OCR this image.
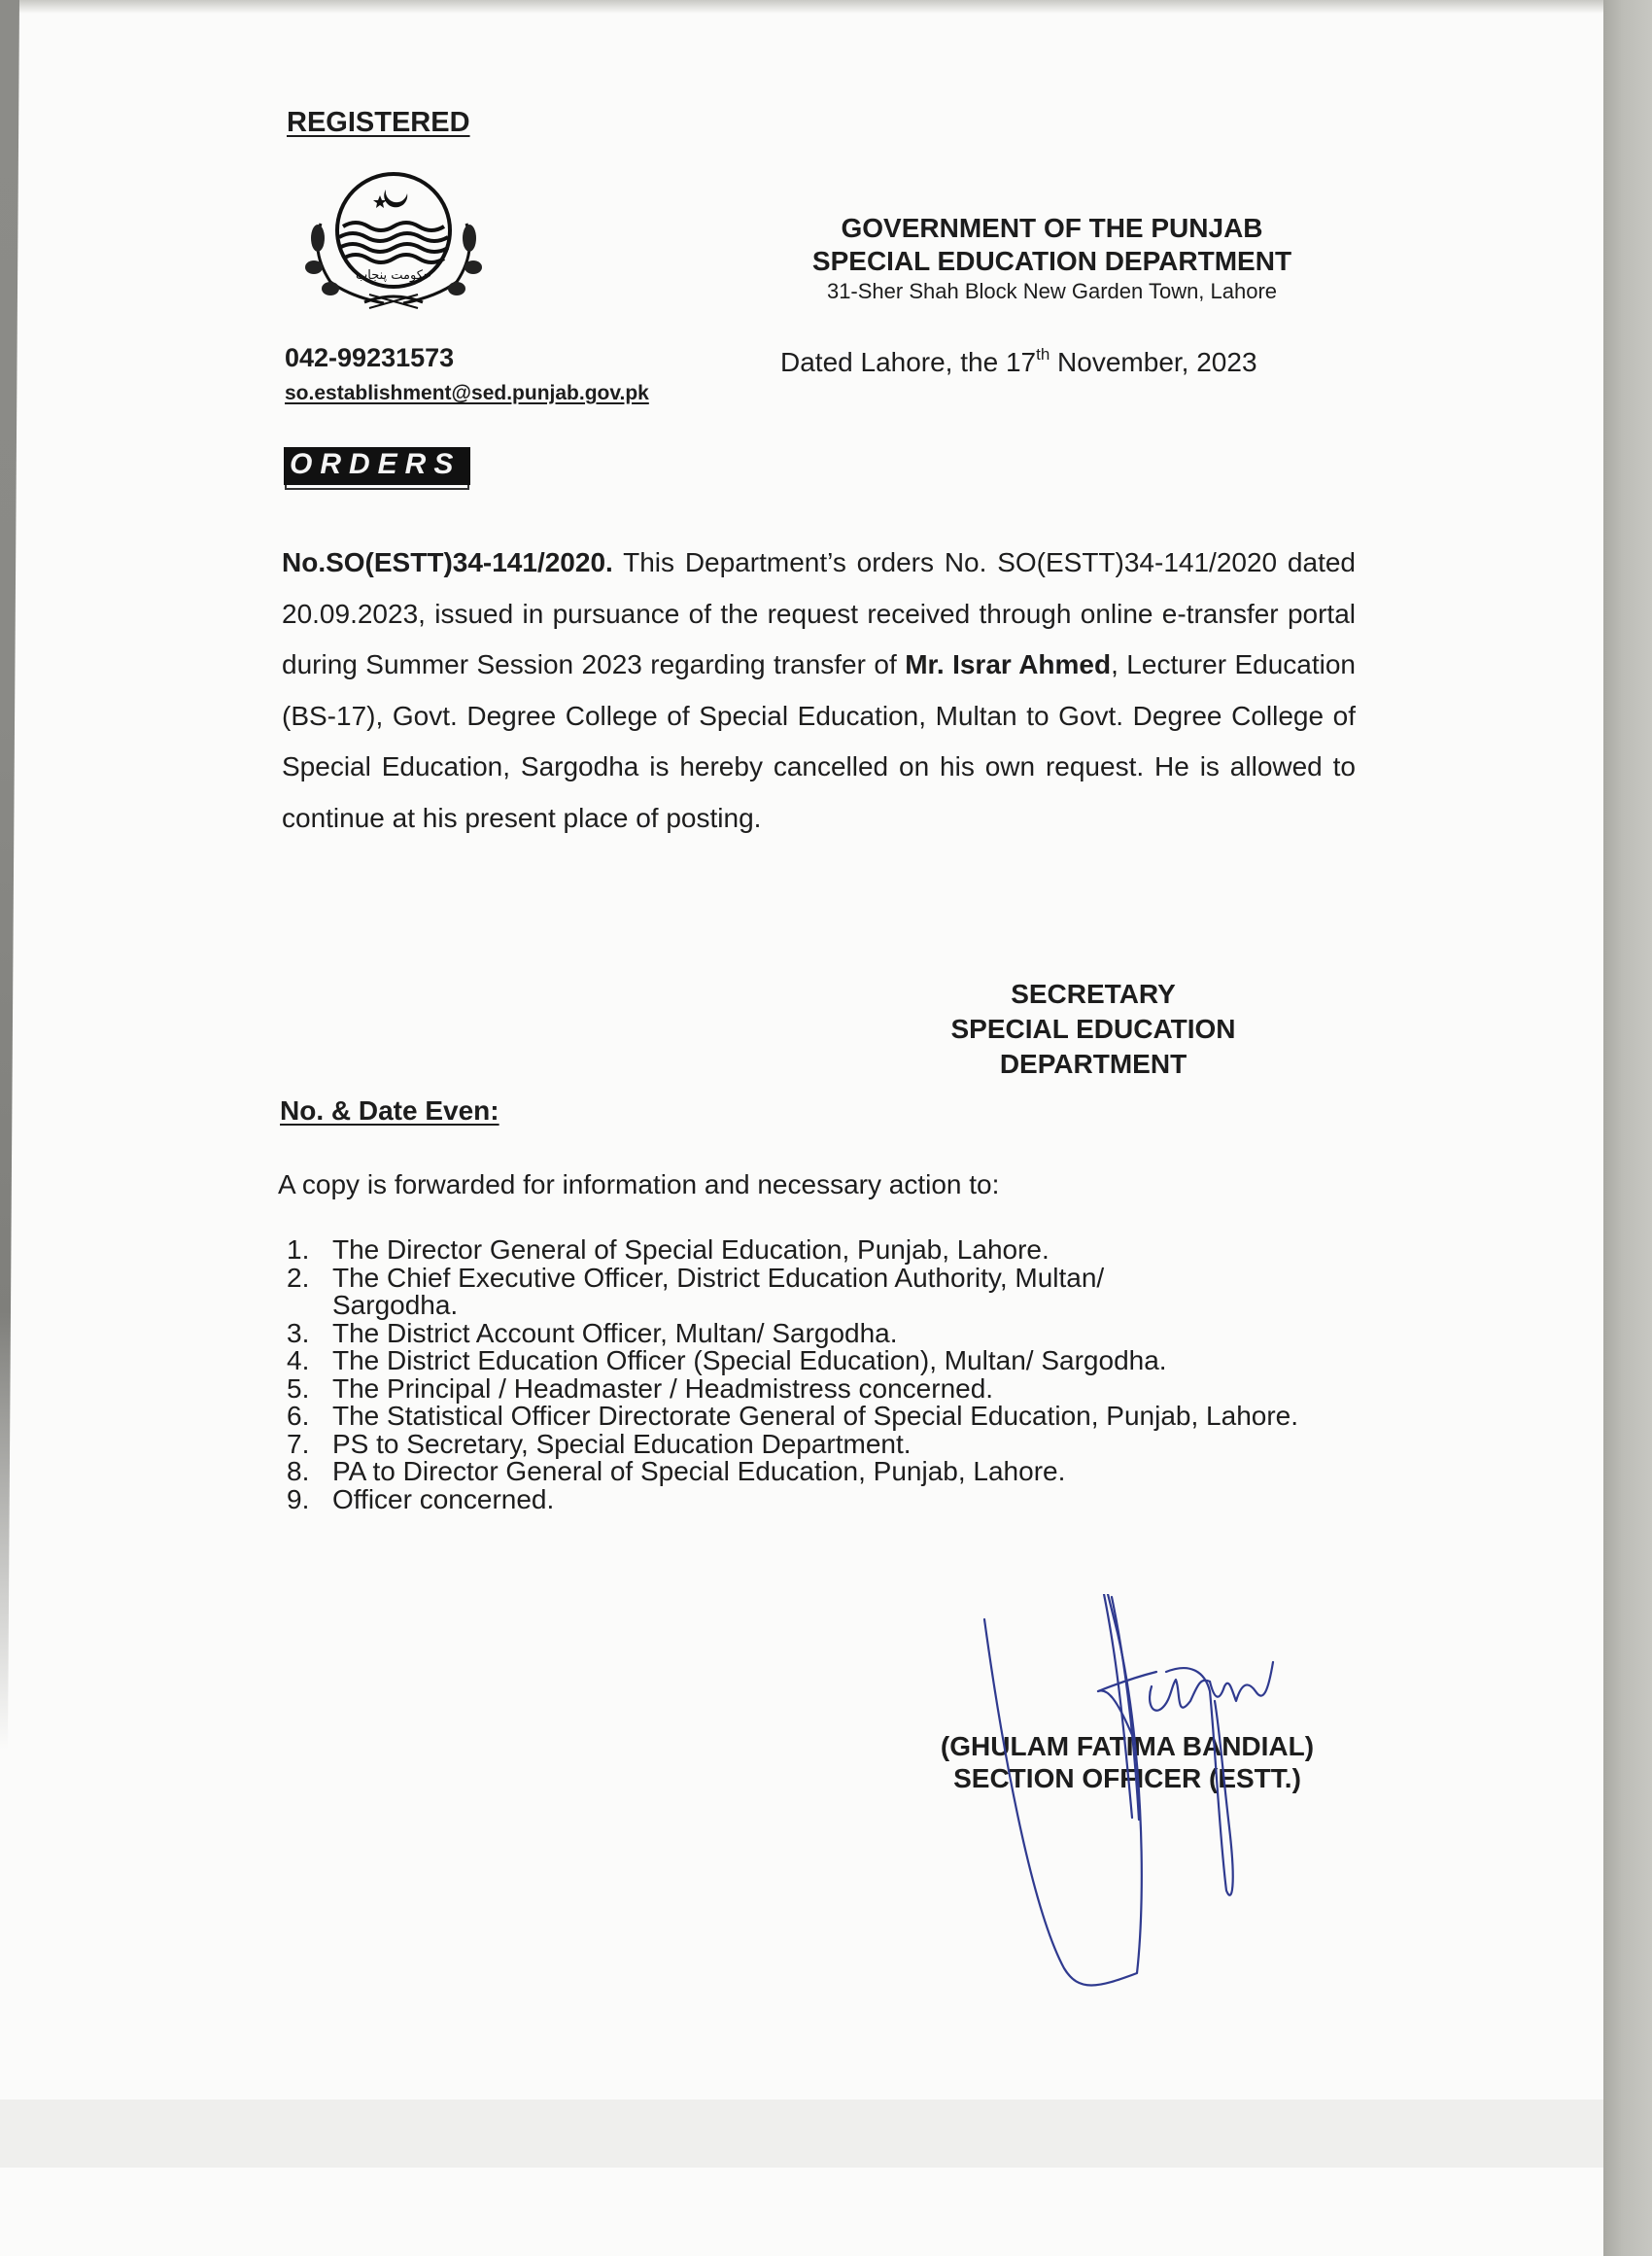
REGISTERED
حکومت پنجاب
042-99231573
so.establishment@sed.punjab.gov.pk
GOVERNMENT OF THE PUNJAB
SPECIAL EDUCATION DEPARTMENT
31-Sher Shah Block New Garden Town, Lahore
Dated Lahore, the 17th November, 2023
ORDERS
No.SO(ESTT)34-141/2020. This Department’s orders No. SO(ESTT)34-141/2020 dated 20.09.2023, issued in pursuance of the request received through online e-transfer portal during Summer Session 2023 regarding transfer of Mr. Israr Ahmed, Lecturer Education (BS-17), Govt. Degree College of Special Education, Multan to Govt. Degree College of Special Education, Sargodha is hereby cancelled on his own request. He is allowed to continue at his present place of posting.
SECRETARY
SPECIAL EDUCATION
DEPARTMENT
No. & Date Even:
A copy is forwarded for information and necessary action to:
1. The Director General of Special Education, Punjab, Lahore.
2. The Chief Executive Officer, District Education Authority, Multan/ Sargodha.
3. The District Account Officer, Multan/ Sargodha.
4. The District Education Officer (Special Education), Multan/ Sargodha.
5. The Principal / Headmaster / Headmistress concerned.
6. The Statistical Officer Directorate General of Special Education, Punjab, Lahore.
7. PS to Secretary, Special Education Department.
8. PA to Director General of Special Education, Punjab, Lahore.
9. Officer concerned.
(GHULAM FATIMA BANDIAL)
SECTION OFFICER (ESTT.)
